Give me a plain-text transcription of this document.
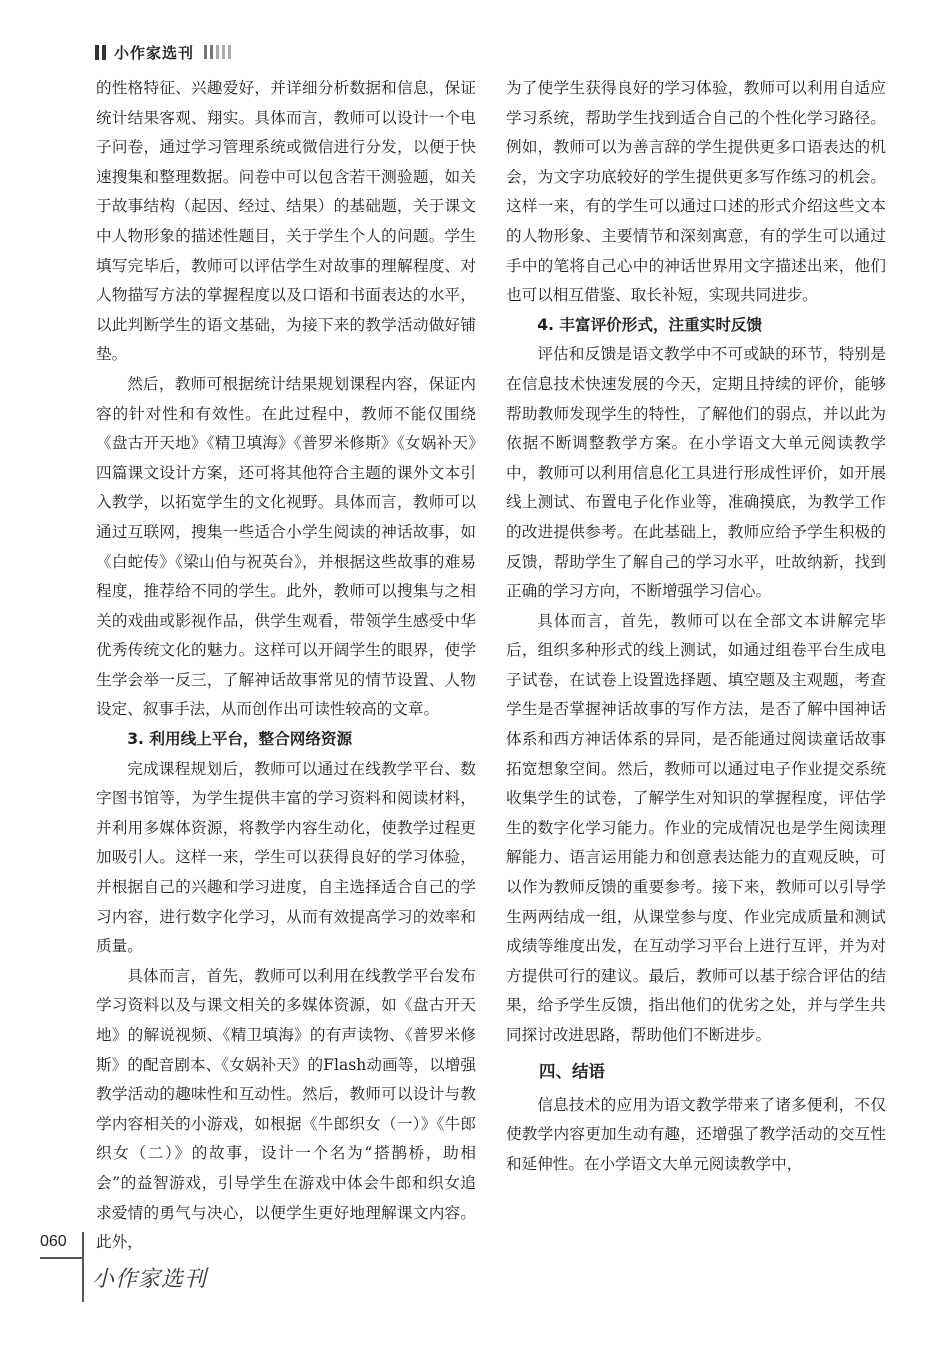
小作家选刊

的性格特征、兴趣爱好，并详细分析数据和信息，保证统计结果客观、翔实。具体而言，教师可以设计一个电子问卷，通过学习管理系统或微信进行分发，以便于快速搜集和整理数据。问卷中可以包含若干测验题，如关于故事结构（起因、经过、结果）的基础题，关于课文中人物形象的描述性题目，关于学生个人的问题。学生填写完毕后，教师可以评估学生对故事的理解程度、对人物描写方法的掌握程度以及口语和书面表达的水平，以此判断学生的语文基础，为接下来的教学活动做好铺垫。

然后，教师可根据统计结果规划课程内容，保证内容的针对性和有效性。在此过程中，教师不能仅围绕《盘古开天地》《精卫填海》《普罗米修斯》《女娲补天》四篇课文设计方案，还可将其他符合主题的课外文本引入教学，以拓宽学生的文化视野。具体而言，教师可以通过互联网，搜集一些适合小学生阅读的神话故事，如《白蛇传》《梁山伯与祝英台》，并根据这些故事的难易程度，推荐给不同的学生。此外，教师可以搜集与之相关的戏曲或影视作品，供学生观看，带领学生感受中华优秀传统文化的魅力。这样可以开阔学生的眼界，使学生学会举一反三，了解神话故事常见的情节设置、人物设定、叙事手法，从而创作出可读性较高的文章。

3. 利用线上平台，整合网络资源

完成课程规划后，教师可以通过在线教学平台、数字图书馆等，为学生提供丰富的学习资料和阅读材料，并利用多媒体资源，将教学内容生动化，使教学过程更加吸引人。这样一来，学生可以获得良好的学习体验，并根据自己的兴趣和学习进度，自主选择适合自己的学习内容，进行数字化学习，从而有效提高学习的效率和质量。

具体而言，首先，教师可以利用在线教学平台发布学习资料以及与课文相关的多媒体资源，如《盘古开天地》的解说视频、《精卫填海》的有声读物、《普罗米修斯》的配音剧本、《女娲补天》的Flash动画等，以增强教学活动的趣味性和互动性。然后，教师可以设计与教学内容相关的小游戏，如根据《牛郎织女（一）》《牛郎织女（二）》的故事，设计一个名为“搭鹊桥，助相会”的益智游戏，引导学生在游戏中体会牛郎和织女追求爱情的勇气与决心，以便学生更好地理解课文内容。此外，

为了使学生获得良好的学习体验，教师可以利用自适应学习系统，帮助学生找到适合自己的个性化学习路径。例如，教师可以为善言辞的学生提供更多口语表达的机会，为文字功底较好的学生提供更多写作练习的机会。这样一来，有的学生可以通过口述的形式介绍这些文本的人物形象、主要情节和深刻寓意，有的学生可以通过手中的笔将自己心中的神话世界用文字描述出来，他们也可以相互借鉴、取长补短，实现共同进步。

4. 丰富评价形式，注重实时反馈

评估和反馈是语文教学中不可或缺的环节，特别是在信息技术快速发展的今天，定期且持续的评价，能够帮助教师发现学生的特性，了解他们的弱点，并以此为依据不断调整教学方案。在小学语文大单元阅读教学中，教师可以利用信息化工具进行形成性评价，如开展线上测试、布置电子化作业等，准确摸底，为教学工作的改进提供参考。在此基础上，教师应给予学生积极的反馈，帮助学生了解自己的学习水平，吐故纳新，找到正确的学习方向，不断增强学习信心。

具体而言，首先，教师可以在全部文本讲解完毕后，组织多种形式的线上测试，如通过组卷平台生成电子试卷，在试卷上设置选择题、填空题及主观题，考查学生是否掌握神话故事的写作方法，是否了解中国神话体系和西方神话体系的异同，是否能通过阅读童话故事拓宽想象空间。然后，教师可以通过电子作业提交系统收集学生的试卷，了解学生对知识的掌握程度，评估学生的数字化学习能力。作业的完成情况也是学生阅读理解能力、语言运用能力和创意表达能力的直观反映，可以作为教师反馈的重要参考。接下来，教师可以引导学生两两结成一组，从课堂参与度、作业完成质量和测试成绩等维度出发，在互动学习平台上进行互评，并为对方提供可行的建议。最后，教师可以基于综合评估的结果，给予学生反馈，指出他们的优劣之处，并与学生共同探讨改进思路，帮助他们不断进步。

四、结语

信息技术的应用为语文教学带来了诸多便利，不仅使教学内容更加生动有趣，还增强了教学活动的交互性和延伸性。在小学语文大单元阅读教学中，

060
小作家选刊
